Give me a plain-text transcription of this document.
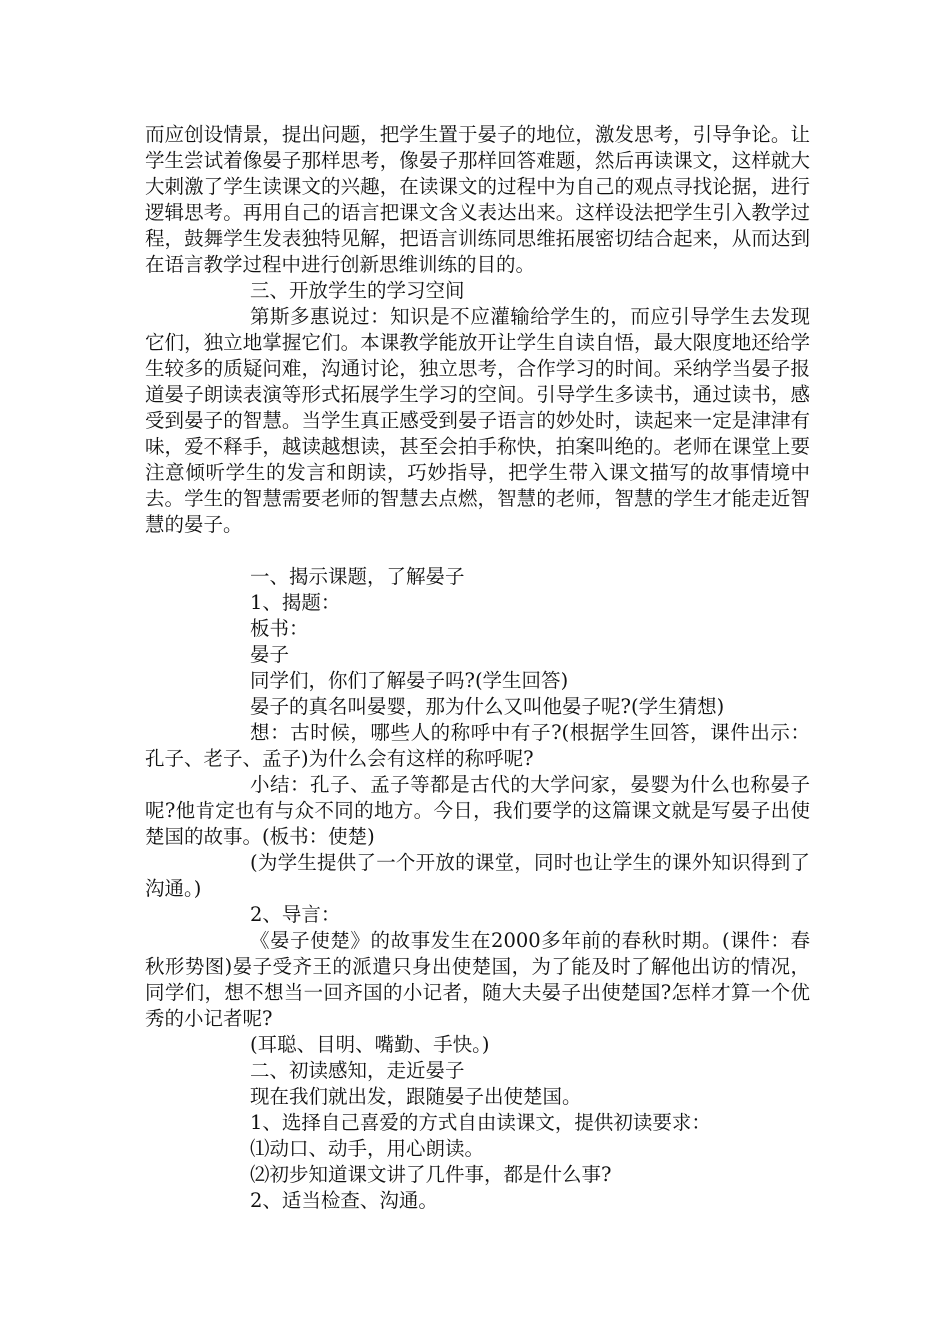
而应创设情景，提出问题，把学生置于晏子的地位，激发思考，引导争论。让学生尝试着像晏子那样思考，像晏子那样回答难题，然后再读课文，这样就大大刺激了学生读课文的兴趣，在读课文的过程中为自己的观点寻找论据，进行逻辑思考。再用自己的语言把课文含义表达出来。这样设法把学生引入教学过程，鼓舞学生发表独特见解，把语言训练同思维拓展密切结合起来，从而达到在语言教学过程中进行创新思维训练的目的。

三、开放学生的学习空间

第斯多惠说过：知识是不应灌输给学生的，而应引导学生去发现它们，独立地掌握它们。本课教学能放开让学生自读自悟，最大限度地还给学生较多的质疑问难，沟通讨论，独立思考，合作学习的时间。采纳学当晏子报道晏子朗读表演等形式拓展学生学习的空间。引导学生多读书，通过读书，感受到晏子的智慧。当学生真正感受到晏子语言的妙处时，读起来一定是津津有味，爱不释手，越读越想读，甚至会拍手称快，拍案叫绝的。老师在课堂上要注意倾听学生的发言和朗读，巧妙指导，把学生带入课文描写的故事情境中去。学生的智慧需要老师的智慧去点燃，智慧的老师，智慧的学生才能走近智慧的晏子。

一、揭示课题，了解晏子

1、揭题：

板书：

晏子

同学们，你们了解晏子吗?(学生回答)

晏子的真名叫晏婴，那为什么又叫他晏子呢?(学生猜想)

想：古时候，哪些人的称呼中有子?(根据学生回答，课件出示：孔子、老子、孟子)为什么会有这样的称呼呢?

小结：孔子、孟子等都是古代的大学问家，晏婴为什么也称晏子呢?他肯定也有与众不同的地方。今日，我们要学的这篇课文就是写晏子出使楚国的故事。(板书：使楚)

(为学生提供了一个开放的课堂，同时也让学生的课外知识得到了沟通。)

2、导言：

《晏子使楚》的故事发生在2000多年前的春秋时期。(课件：春秋形势图)晏子受齐王的派遣只身出使楚国，为了能及时了解他出访的情况，同学们，想不想当一回齐国的小记者，随大夫晏子出使楚国?怎样才算一个优秀的小记者呢?

(耳聪、目明、嘴勤、手快。)

二、初读感知，走近晏子

现在我们就出发，跟随晏子出使楚国。

1、选择自己喜爱的方式自由读课文，提供初读要求：

⑴动口、动手，用心朗读。

⑵初步知道课文讲了几件事，都是什么事?

2、适当检查、沟通。
